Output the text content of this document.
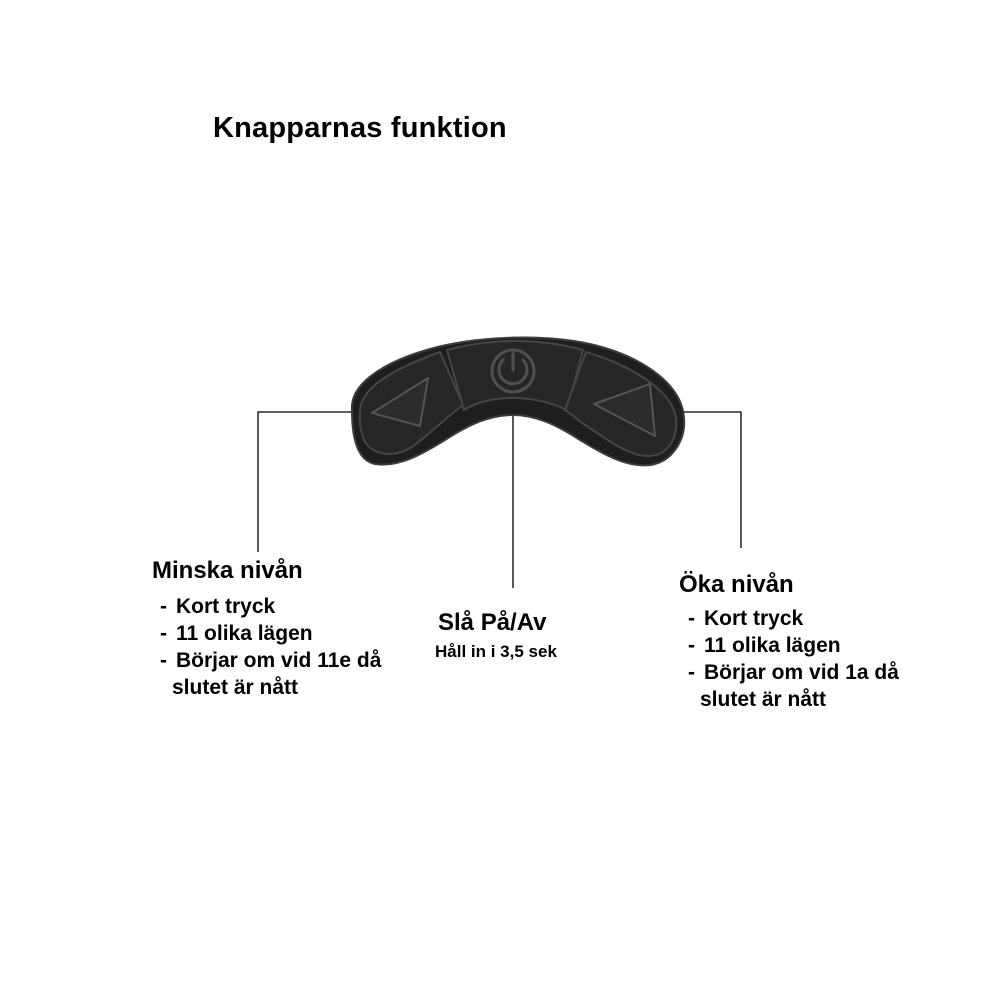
Knapparnas funktion
Minska nivån
- Kort tryck
- 11 olika lägen
- Börjar om vid 11e då
slutet är nått
Slå På/Av
Håll in i 3,5 sek
Öka nivån
- Kort tryck
- 11 olika lägen
- Börjar om vid 1a då
slutet är nått
